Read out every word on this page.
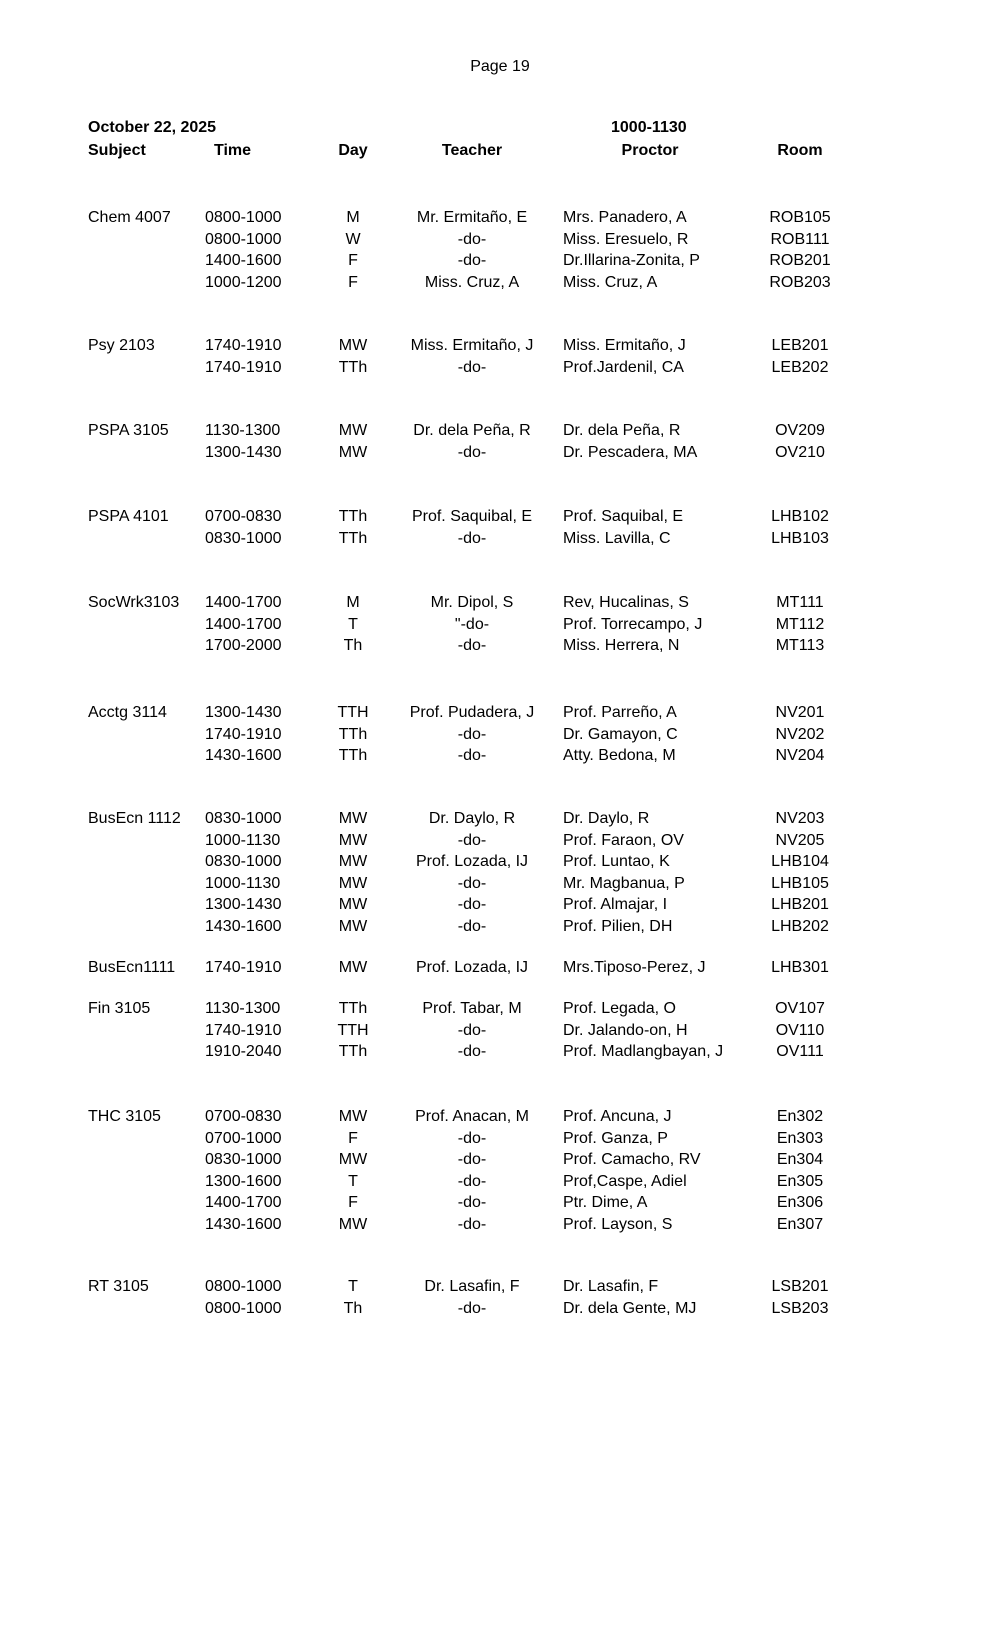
Page 19
October 22, 2025	1000-1130
Subject	Time	Day	Teacher	Proctor	Room
Chem 4007 0800-1000	M	Mr. Ermitaño, E	Mrs. Panadero, A	ROB105
0800-1000	W	-do-	Miss. Eresuelo, R	ROB111
1400-1600	F	-do-	Dr.Illarina-Zonita, P	ROB201
1000-1200	F	Miss. Cruz, A	Miss. Cruz, A	ROB203
Psy 2103	1740-1910	MW	Miss. Ermitaño, J	Miss. Ermitaño, J	LEB201
1740-1910	TTh	-do-	Prof.Jardenil, CA	LEB202
PSPA 3105 1130-1300	MW	Dr. dela Peña, R	Dr. dela Peña, R	OV209
1300-1430	MW	-do-	Dr. Pescadera, MA	OV210
PSPA 4101 0700-0830	TTh	Prof. Saquibal, E	Prof. Saquibal, E	LHB102
0830-1000	TTh	-do-	Miss. Lavilla, C	LHB103
SocWrk3103 1400-1700	M	Mr. Dipol, S	Rev, Hucalinas, S	MT111
1400-1700	T	"-do-	Prof. Torrecampo, J	MT112
1700-2000	Th	-do-	Miss. Herrera, N	MT113
Acctg 3114 1300-1430	TTH	Prof. Pudadera, J	Prof. Parreño, A	NV201
1740-1910	TTh	-do-	Dr. Gamayon, C	NV202
1430-1600	TTh	-do-	Atty. Bedona, M	NV204
BusEcn 1112 0830-1000	MW	Dr. Daylo, R	Dr. Daylo, R	NV203
1000-1130	MW	-do-	Prof. Faraon, OV	NV205
0830-1000	MW	Prof. Lozada, IJ	Prof. Luntao, K	LHB104
1000-1130	MW	-do-	Mr. Magbanua, P	LHB105
1300-1430	MW	-do-	Prof. Almajar, I	LHB201
1430-1600	MW	-do-	Prof. Pilien, DH	LHB202
BusEcn1111 1740-1910	MW	Prof. Lozada, IJ	Mrs.Tiposo-Perez, J	LHB301
Fin 3105	1130-1300	TTh	Prof. Tabar, M	Prof. Legada, O	OV107
1740-1910	TTH	-do-	Dr. Jalando-on, H	OV110
1910-2040	TTh	-do-	Prof. Madlangbayan, J	OV111
THC 3105	0700-0830	MW	Prof. Anacan, M	Prof. Ancuna, J	En302
0700-1000	F	-do-	Prof. Ganza, P	En303
0830-1000	MW	-do-	Prof. Camacho, RV	En304
1300-1600	T	-do-	Prof,Caspe, Adiel	En305
1400-1700	F	-do-	Ptr. Dime, A	En306
1430-1600	MW	-do-	Prof. Layson, S	En307
RT 3105	0800-1000	T	Dr. Lasafin, F	Dr. Lasafin, F	LSB201
0800-1000	Th	-do-	Dr. dela Gente, MJ	LSB203
